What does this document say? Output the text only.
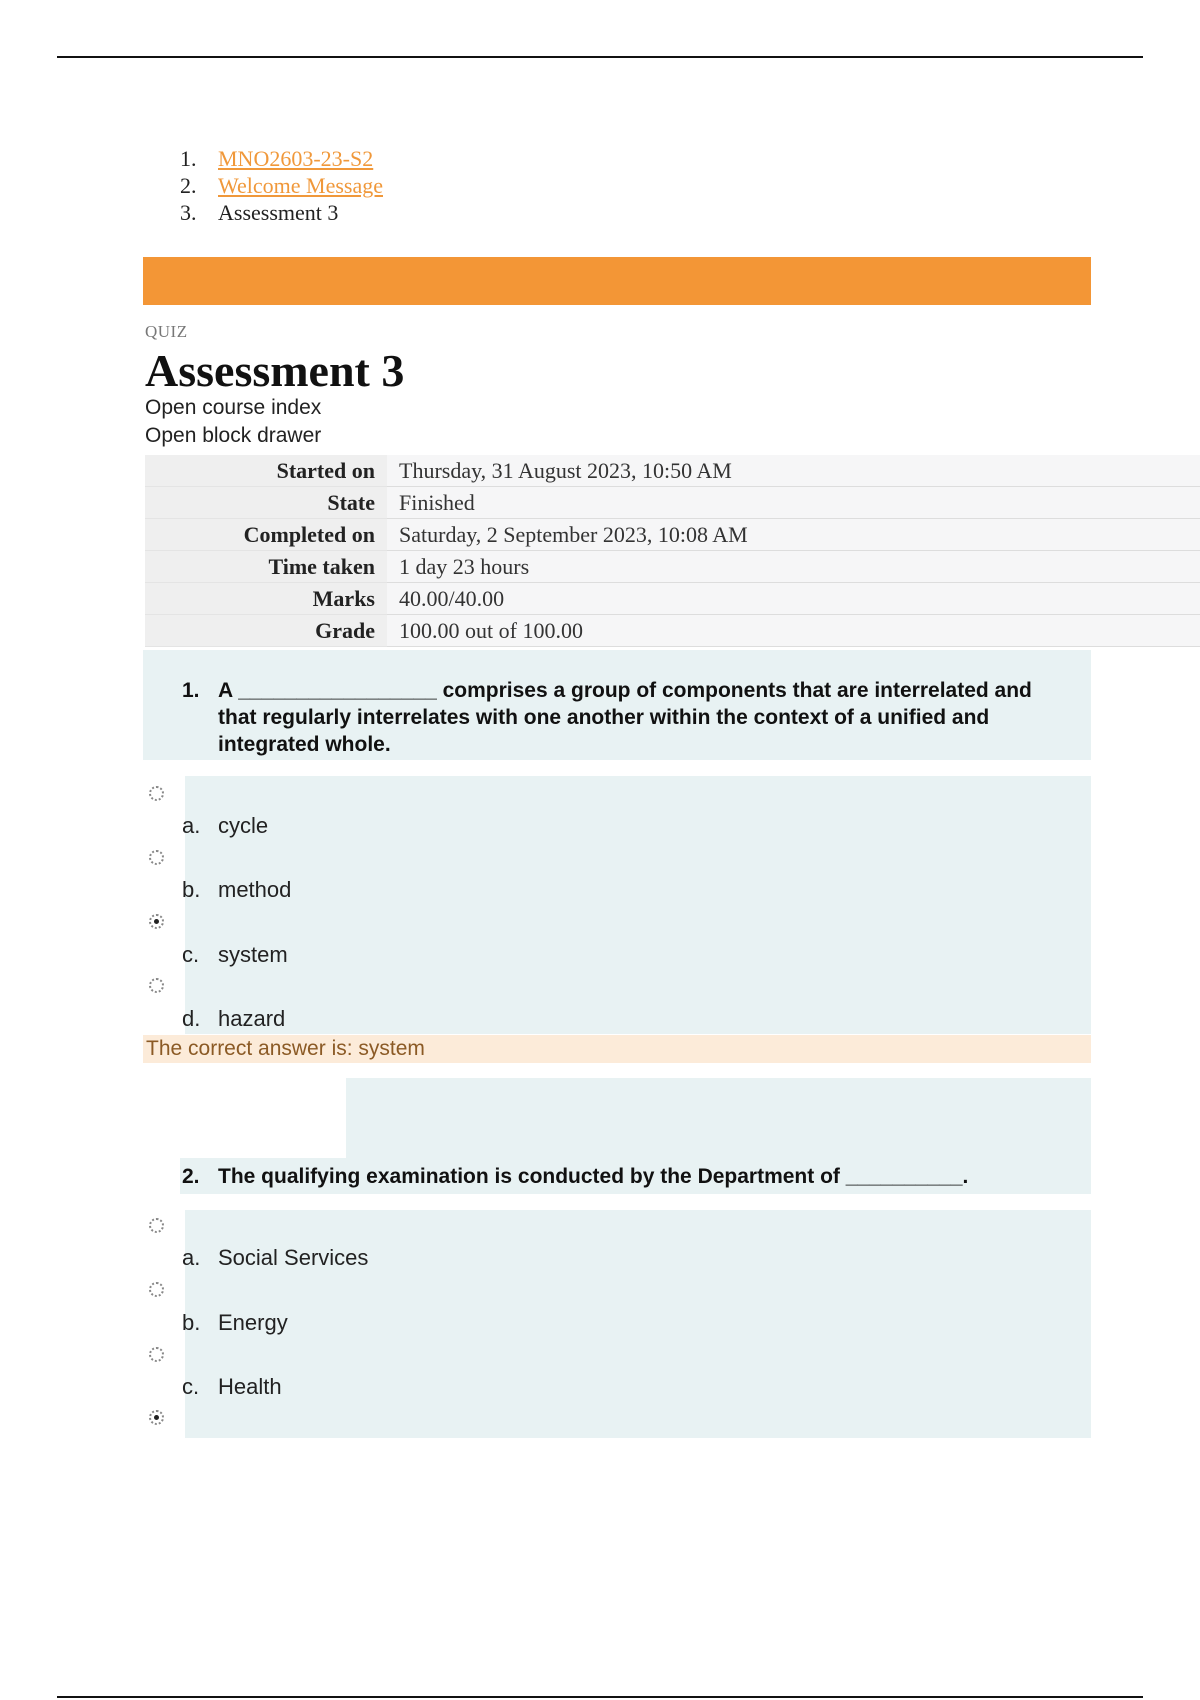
1. MNO2603-23-S2
2. Welcome Message
3. Assessment 3
QUIZ
Assessment 3
Open course index
Open block drawer
Started on	Thursday, 31 August 2023, 10:50 AM
State	Finished
Completed on	Saturday, 2 September 2023, 10:08 AM
Time taken	1 day 23 hours
Marks	40.00/40.00
Grade	100.00 out of 100.00
1. A _________________ comprises a group of components that are interrelated and that regularly interrelates with one another within the context of a unified and integrated whole.
a. cycle
b. method
c. system
d. hazard
The correct answer is: system
2. The qualifying examination is conducted by the Department of __________.
a. Social Services
b. Energy
c. Health
